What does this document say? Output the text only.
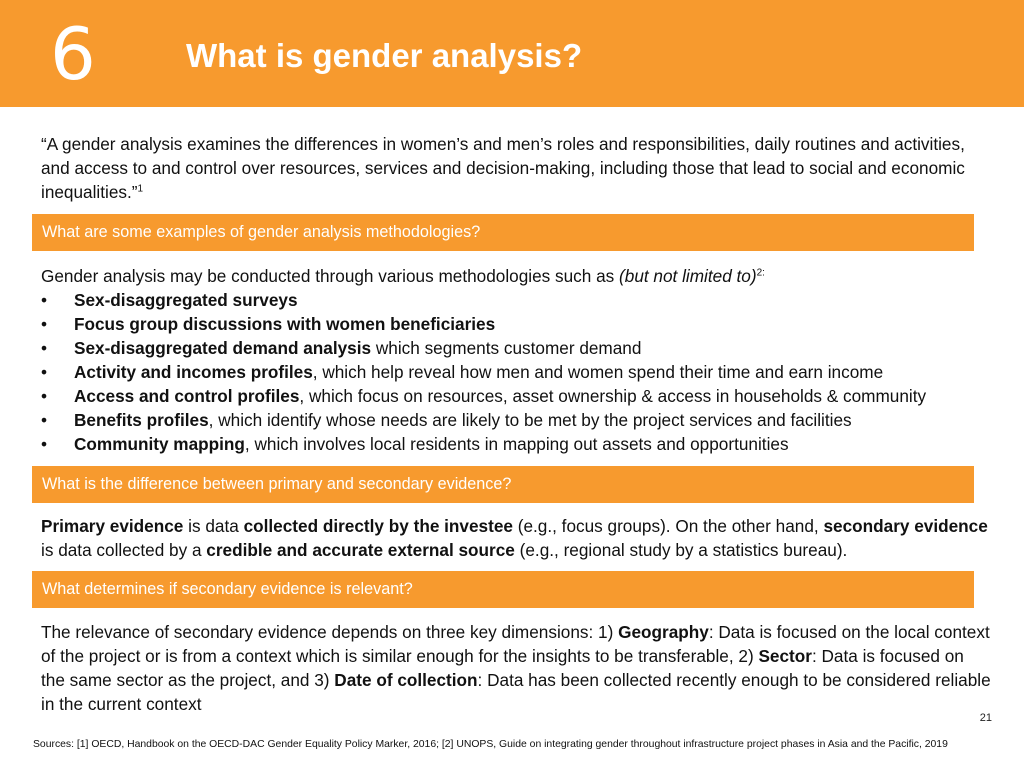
6	What is gender analysis?
“A gender analysis examines the differences in women’s and men’s roles and responsibilities, daily routines and activities, and access to and control over resources, services and decision-making, including those that lead to social and economic inequalities.”$^1$
What are some examples of gender analysis methodologies?
Gender analysis may be conducted through various methodologies such as (but not limited to)$^{2:}$
• Sex-disaggregated surveys
• Focus group discussions with women beneficiaries
• Sex-disaggregated demand analysis which segments customer demand
• Activity and incomes profiles, which help reveal how men and women spend their time and earn income
• Access and control profiles, which focus on resources, asset ownership & access in households & community
• Benefits profiles, which identify whose needs are likely to be met by the project services and facilities
• Community mapping, which involves local residents in mapping out assets and opportunities
What is the difference between primary and secondary evidence?
Primary evidence is data collected directly by the investee (e.g., focus groups). On the other hand, secondary evidence is data collected by a credible and accurate external source (e.g., regional study by a statistics bureau).
What determines if secondary evidence is relevant?
The relevance of secondary evidence depends on three key dimensions: 1) Geography: Data is focused on the local context of the project or is from a context which is similar enough for the insights to be transferable, 2) Sector: Data is focused on the same sector as the project, and 3) Date of collection: Data has been collected recently enough to be considered reliable in the current context
21
Sources: [1] OECD, Handbook on the OECD-DAC Gender Equality Policy Marker, 2016; [2] UNOPS, Guide on integrating gender throughout infrastructure project phases in Asia and the Pacific, 2019
